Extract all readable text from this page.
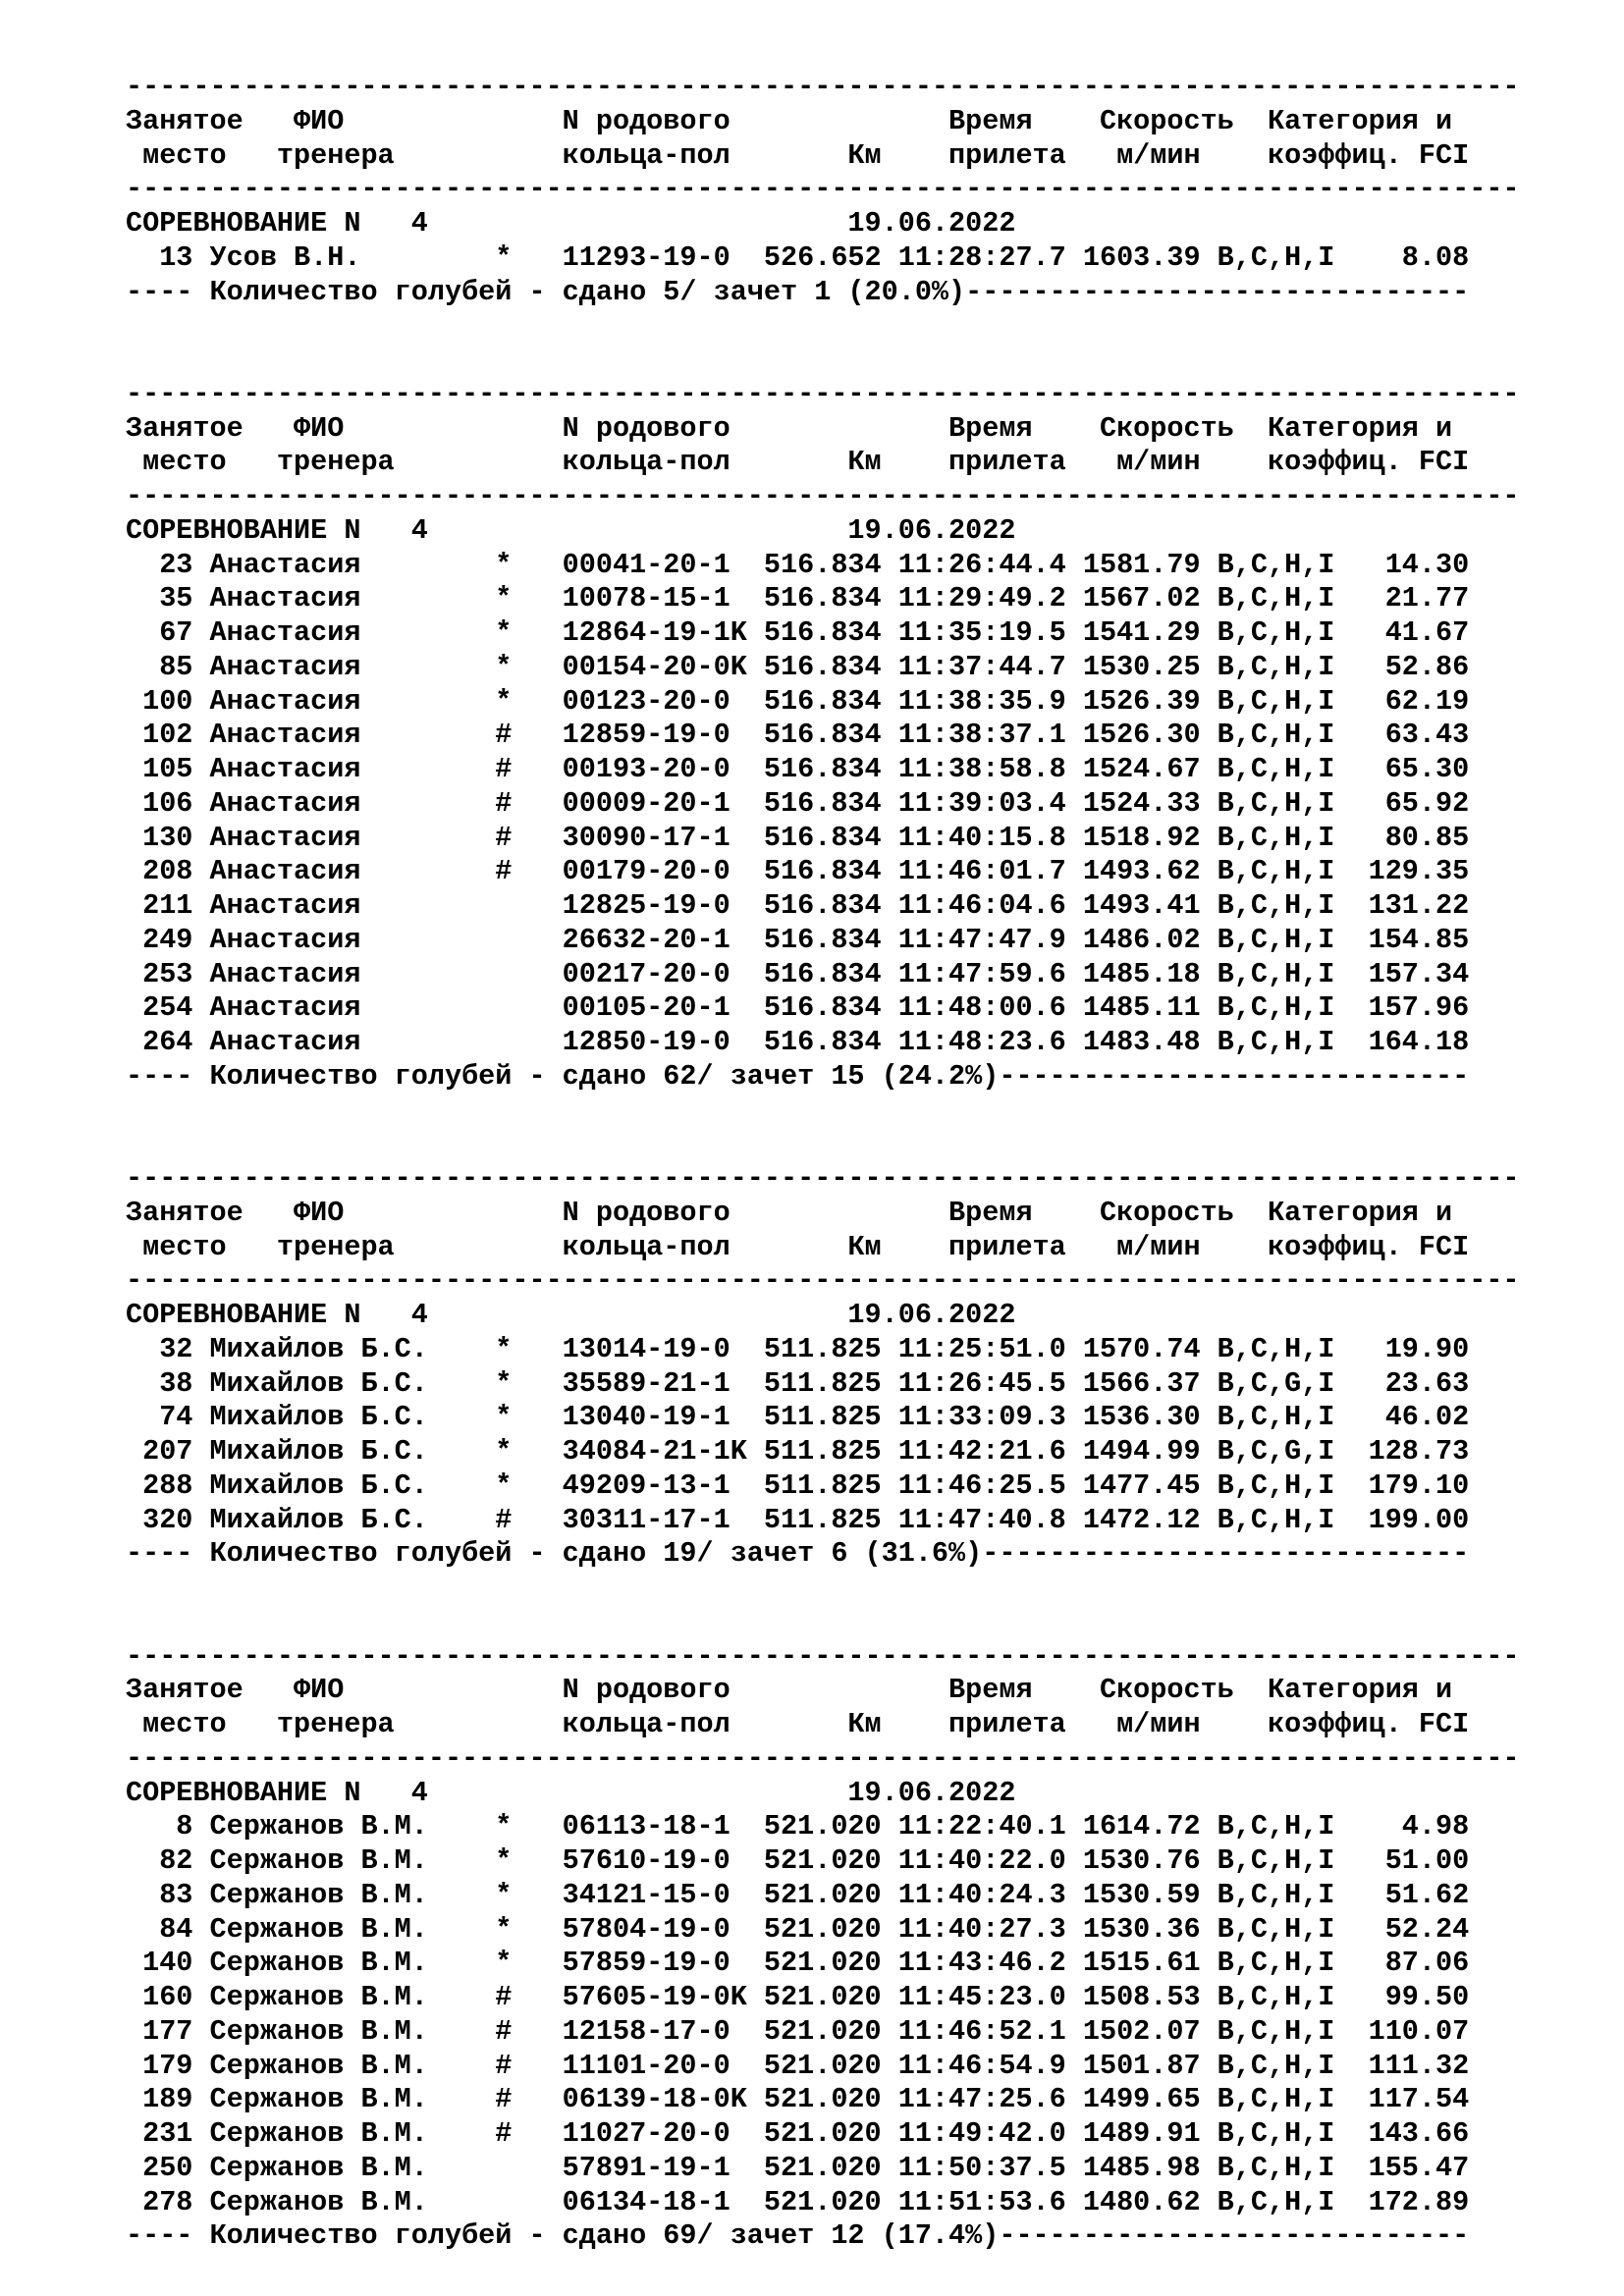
-----------------------------------------------------------------------------------
Занятое   ФИО             N родового             Время    Скорость  Категория и
место   тренера          кольца-пол       Км    прилета   м/мин    коэффиц. FCI
-----------------------------------------------------------------------------------
СОРЕВНОВАНИЕ N   4                         19.06.2022
13 Усов В.Н.        *   11293-19-0  526.652 11:28:27.7 1603.39 B,C,H,I    8.08
---- Количество голубей - сдано 5/ зачет 1 (20.0%)------------------------------
-----------------------------------------------------------------------------------
Занятое   ФИО             N родового             Время    Скорость  Категория и
место   тренера          кольца-пол       Км    прилета   м/мин    коэффиц. FCI
-----------------------------------------------------------------------------------
СОРЕВНОВАНИЕ N   4                         19.06.2022
23 Анастасия        *   00041-20-1  516.834 11:26:44.4 1581.79 B,C,H,I   14.30
35 Анастасия        *   10078-15-1  516.834 11:29:49.2 1567.02 B,C,H,I   21.77
67 Анастасия        *   12864-19-1K 516.834 11:35:19.5 1541.29 B,C,H,I   41.67
85 Анастасия        *   00154-20-0K 516.834 11:37:44.7 1530.25 B,C,H,I   52.86
100 Анастасия        *   00123-20-0  516.834 11:38:35.9 1526.39 B,C,H,I   62.19
102 Анастасия        #   12859-19-0  516.834 11:38:37.1 1526.30 B,C,H,I   63.43
105 Анастасия        #   00193-20-0  516.834 11:38:58.8 1524.67 B,C,H,I   65.30
106 Анастасия        #   00009-20-1  516.834 11:39:03.4 1524.33 B,C,H,I   65.92
130 Анастасия        #   30090-17-1  516.834 11:40:15.8 1518.92 B,C,H,I   80.85
208 Анастасия        #   00179-20-0  516.834 11:46:01.7 1493.62 B,C,H,I  129.35
211 Анастасия            12825-19-0  516.834 11:46:04.6 1493.41 B,C,H,I  131.22
249 Анастасия            26632-20-1  516.834 11:47:47.9 1486.02 B,C,H,I  154.85
253 Анастасия            00217-20-0  516.834 11:47:59.6 1485.18 B,C,H,I  157.34
254 Анастасия            00105-20-1  516.834 11:48:00.6 1485.11 B,C,H,I  157.96
264 Анастасия            12850-19-0  516.834 11:48:23.6 1483.48 B,C,H,I  164.18
---- Количество голубей - сдано 62/ зачет 15 (24.2%)----------------------------
-----------------------------------------------------------------------------------
Занятое   ФИО             N родового             Время    Скорость  Категория и
место   тренера          кольца-пол       Км    прилета   м/мин    коэффиц. FCI
-----------------------------------------------------------------------------------
СОРЕВНОВАНИЕ N   4                         19.06.2022
32 Михайлов Б.С.    *   13014-19-0  511.825 11:25:51.0 1570.74 B,C,H,I   19.90
38 Михайлов Б.С.    *   35589-21-1  511.825 11:26:45.5 1566.37 B,C,G,I   23.63
74 Михайлов Б.С.    *   13040-19-1  511.825 11:33:09.3 1536.30 B,C,H,I   46.02
207 Михайлов Б.С.    *   34084-21-1K 511.825 11:42:21.6 1494.99 B,C,G,I  128.73
288 Михайлов Б.С.    *   49209-13-1  511.825 11:46:25.5 1477.45 B,C,H,I  179.10
320 Михайлов Б.С.    #   30311-17-1  511.825 11:47:40.8 1472.12 B,C,H,I  199.00
---- Количество голубей - сдано 19/ зачет 6 (31.6%)-----------------------------
-----------------------------------------------------------------------------------
Занятое   ФИО             N родового             Время    Скорость  Категория и
место   тренера          кольца-пол       Км    прилета   м/мин    коэффиц. FCI
-----------------------------------------------------------------------------------
СОРЕВНОВАНИЕ N   4                         19.06.2022
8 Сержанов В.М.    *   06113-18-1  521.020 11:22:40.1 1614.72 B,C,H,I    4.98
82 Сержанов В.М.    *   57610-19-0  521.020 11:40:22.0 1530.76 B,C,H,I   51.00
83 Сержанов В.М.    *   34121-15-0  521.020 11:40:24.3 1530.59 B,C,H,I   51.62
84 Сержанов В.М.    *   57804-19-0  521.020 11:40:27.3 1530.36 B,C,H,I   52.24
140 Сержанов В.М.    *   57859-19-0  521.020 11:43:46.2 1515.61 B,C,H,I   87.06
160 Сержанов В.М.    #   57605-19-0K 521.020 11:45:23.0 1508.53 B,C,H,I   99.50
177 Сержанов В.М.    #   12158-17-0  521.020 11:46:52.1 1502.07 B,C,H,I  110.07
179 Сержанов В.М.    #   11101-20-0  521.020 11:46:54.9 1501.87 B,C,H,I  111.32
189 Сержанов В.М.    #   06139-18-0K 521.020 11:47:25.6 1499.65 B,C,H,I  117.54
231 Сержанов В.М.    #   11027-20-0  521.020 11:49:42.0 1489.91 B,C,H,I  143.66
250 Сержанов В.М.        57891-19-1  521.020 11:50:37.5 1485.98 B,C,H,I  155.47
278 Сержанов В.М.        06134-18-1  521.020 11:51:53.6 1480.62 B,C,H,I  172.89
---- Количество голубей - сдано 69/ зачет 12 (17.4%)----------------------------
